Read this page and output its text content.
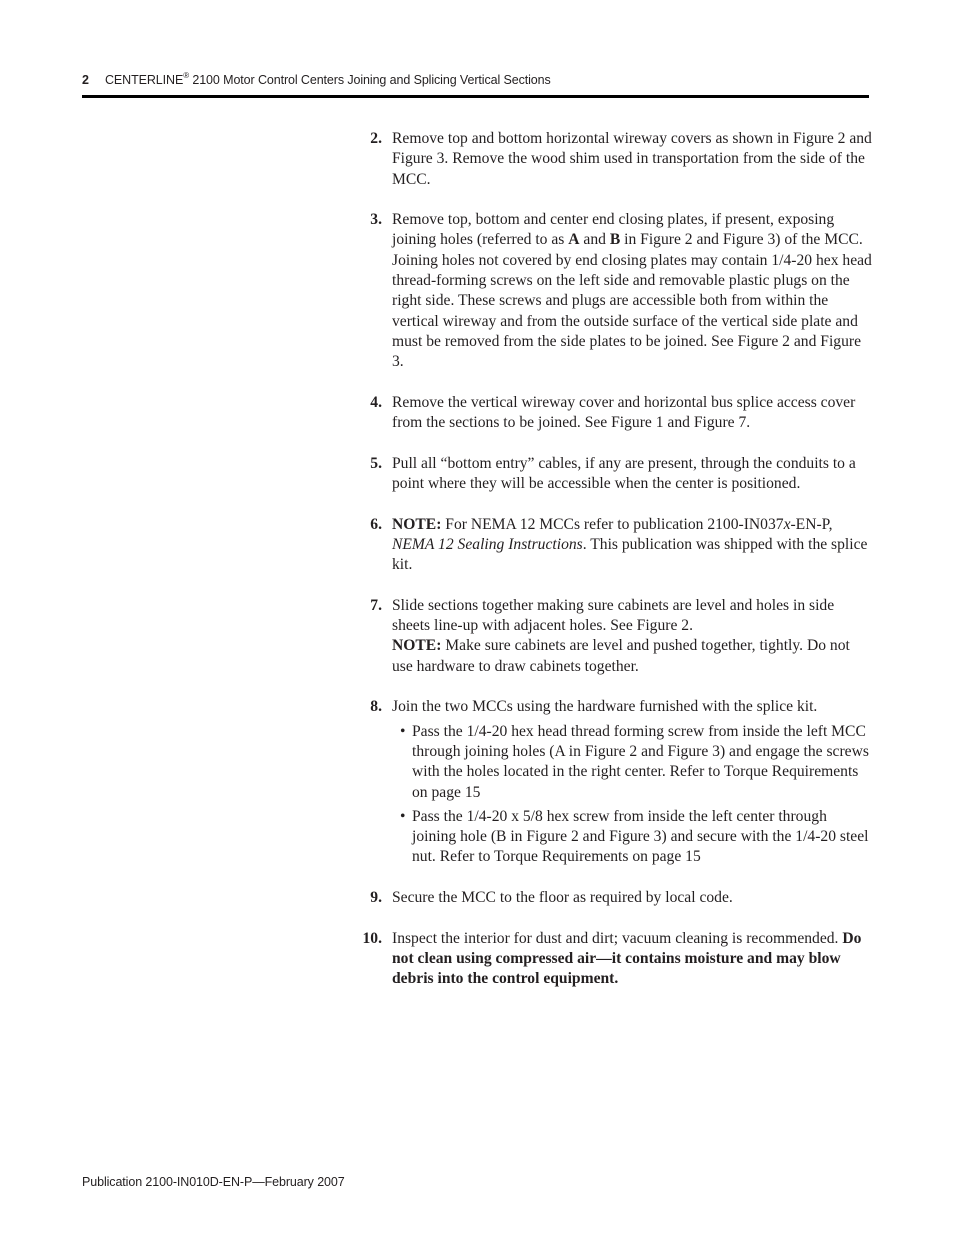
2 CENTERLINE® 2100 Motor Control Centers Joining and Splicing Vertical Sections
2. Remove top and bottom horizontal wireway covers as shown in Figure 2 and Figure 3. Remove the wood shim used in transportation from the side of the MCC.
3. Remove top, bottom and center end closing plates, if present, exposing joining holes (referred to as A and B in Figure 2 and Figure 3) of the MCC. Joining holes not covered by end closing plates may contain 1/4-20 hex head thread-forming screws on the left side and removable plastic plugs on the right side. These screws and plugs are accessible both from within the vertical wireway and from the outside surface of the vertical side plate and must be removed from the side plates to be joined. See Figure 2 and Figure 3.
4. Remove the vertical wireway cover and horizontal bus splice access cover from the sections to be joined. See Figure 1 and Figure 7.
5. Pull all “bottom entry” cables, if any are present, through the conduits to a point where they will be accessible when the center is positioned.
6. NOTE: For NEMA 12 MCCs refer to publication 2100-IN037x-EN-P, NEMA 12 Sealing Instructions. This publication was shipped with the splice kit.
7. Slide sections together making sure cabinets are level and holes in side sheets line-up with adjacent holes. See Figure 2.
NOTE: Make sure cabinets are level and pushed together, tightly. Do not use hardware to draw cabinets together.
8. Join the two MCCs using the hardware furnished with the splice kit.
• Pass the 1/4-20 hex head thread forming screw from inside the left MCC through joining holes (A in Figure 2 and Figure 3) and engage the screws with the holes located in the right center. Refer to Torque Requirements on page 15
• Pass the 1/4-20 x 5/8 hex screw from inside the left center through joining hole (B in Figure 2 and Figure 3) and secure with the 1/4-20 steel nut. Refer to Torque Requirements on page 15
9. Secure the MCC to the floor as required by local code.
10. Inspect the interior for dust and dirt; vacuum cleaning is recommended. Do not clean using compressed air—it contains moisture and may blow debris into the control equipment.
Publication 2100-IN010D-EN-P—February 2007
